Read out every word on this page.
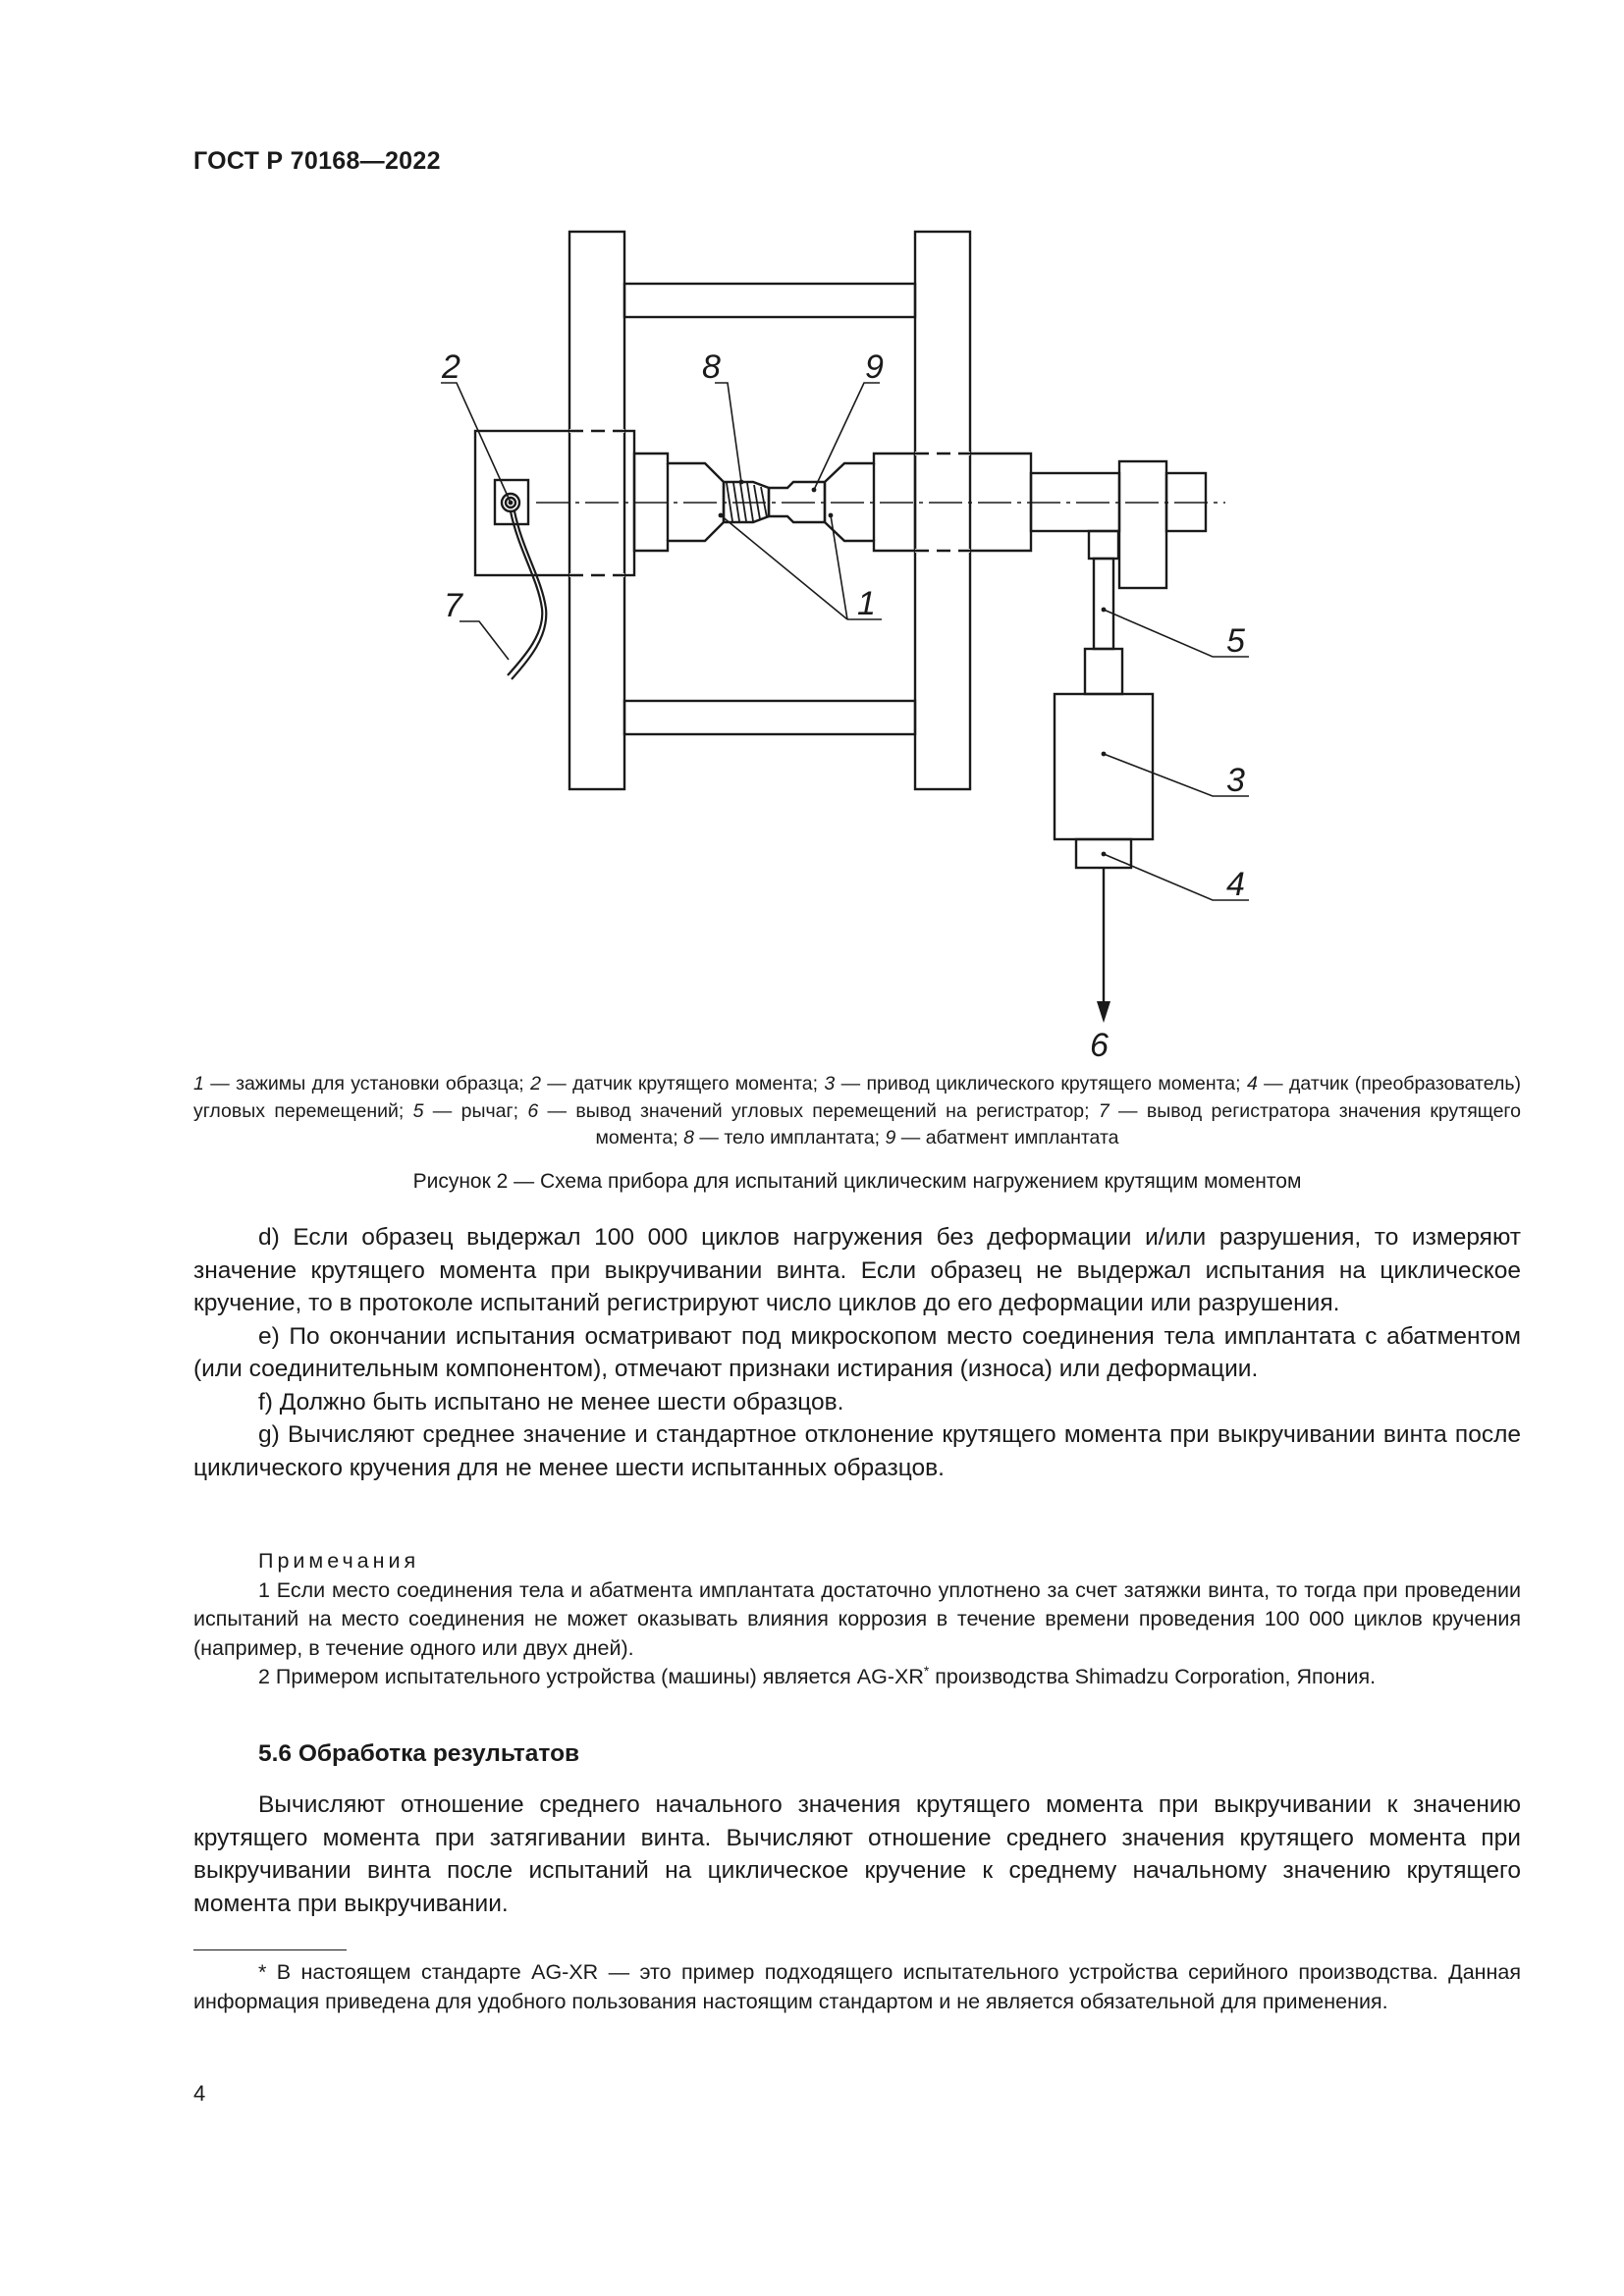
ГОСТ Р 70168—2022
2	8	9
7	1
5
3
4
6
1 — зажимы для установки образца; 2 — датчик крутящего момента; 3 — привод циклического крутящего момента; 4 — датчик (преобразователь) угловых перемещений; 5 — рычаг; 6 — вывод значений угловых перемещений на регистратор; 7 — вывод регистратора значения крутящего момента; 8 — тело имплантата; 9 — абатмент имплантата
Рисунок 2 — Схема прибора для испытаний циклическим нагружением крутящим моментом

d) Если образец выдержал 100 000 циклов нагружения без деформации и/или разрушения, то измеряют значение крутящего момента при выкручивании винта. Если образец не выдержал испытания на циклическое кручение, то в протоколе испытаний регистрируют число циклов до его деформации или разрушения.

e) По окончании испытания осматривают под микроскопом место соединения тела имплантата с абатментом (или соединительным компонентом), отмечают признаки истирания (износа) или деформации.

f) Должно быть испытано не менее шести образцов.

g) Вычисляют среднее значение и стандартное отклонение крутящего момента при выкручивании винта после циклического кручения для не менее шести испытанных образцов.

Примечания

1 Если место соединения тела и абатмента имплантата достаточно уплотнено за счет затяжки винта, то тогда при проведении испытаний на место соединения не может оказывать влияния коррозия в течение времени проведения 100 000 циклов кручения (например, в течение одного или двух дней).

2 Примером испытательного устройства (машины) является AG-XR* производства Shimadzu Corporation, Япония.

5.6 Обработка результатов

Вычисляют отношение среднего начального значения крутящего момента при выкручивании к значению крутящего момента при затягивании винта. Вычисляют отношение среднего значения крутящего момента при выкручивании винта после испытаний на циклическое кручение к среднему начальному значению крутящего момента при выкручивании.

* В настоящем стандарте AG-XR — это пример подходящего испытательного устройства серийного производства. Данная информация приведена для удобного пользования настоящим стандартом и не является обязательной для применения.

4
